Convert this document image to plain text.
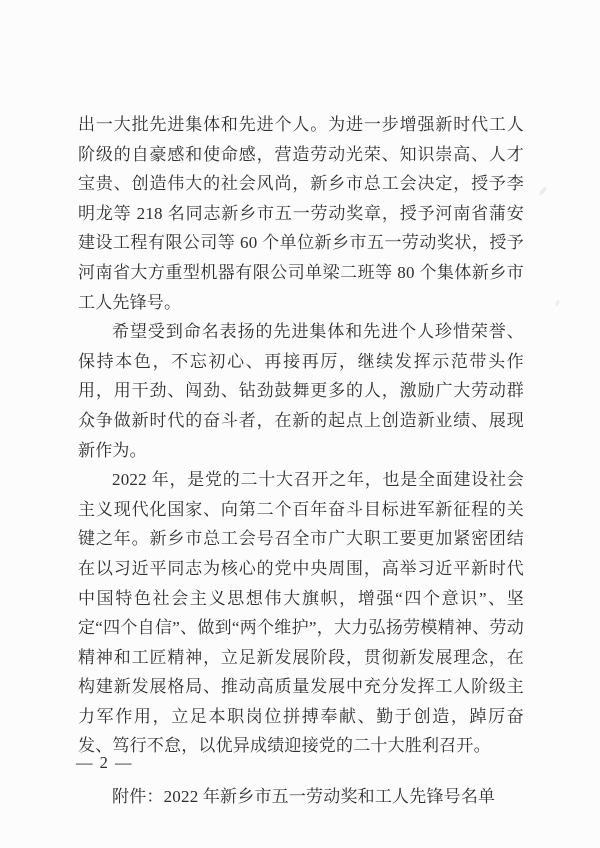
出一大批先进集体和先进个人。为进一步增强新时代工人阶级的自豪感和使命感，营造劳动光荣、知识崇高、人才宝贵、创造伟大的社会风尚，新乡市总工会决定，授予李明龙等 218 名同志新乡市五一劳动奖章，授予河南省蒲安建设工程有限公司等 60 个单位新乡市五一劳动奖状，授予河南省大方重型机器有限公司单梁二班等 80 个集体新乡市工人先锋号。

希望受到命名表扬的先进集体和先进个人珍惜荣誉、保持本色，不忘初心、再接再厉，继续发挥示范带头作用，用干劲、闯劲、钻劲鼓舞更多的人，激励广大劳动群众争做新时代的奋斗者，在新的起点上创造新业绩、展现新作为。

2022 年，是党的二十大召开之年，也是全面建设社会主义现代化国家、向第二个百年奋斗目标进军新征程的关键之年。新乡市总工会号召全市广大职工要更加紧密团结在以习近平同志为核心的党中央周围，高举习近平新时代中国特色社会主义思想伟大旗帜，增强“四个意识”、坚定“四个自信”、做到“两个维护”，大力弘扬劳模精神、劳动精神和工匠精神，立足新发展阶段，贯彻新发展理念，在构建新发展格局、推动高质量发展中充分发挥工人阶级主力军作用，立足本职岗位拼搏奉献、勤于创造，踔厉奋发、笃行不怠，以优异成绩迎接党的二十大胜利召开。

附件：2022 年新乡市五一劳动奖和工人先锋号名单

— 2 —
